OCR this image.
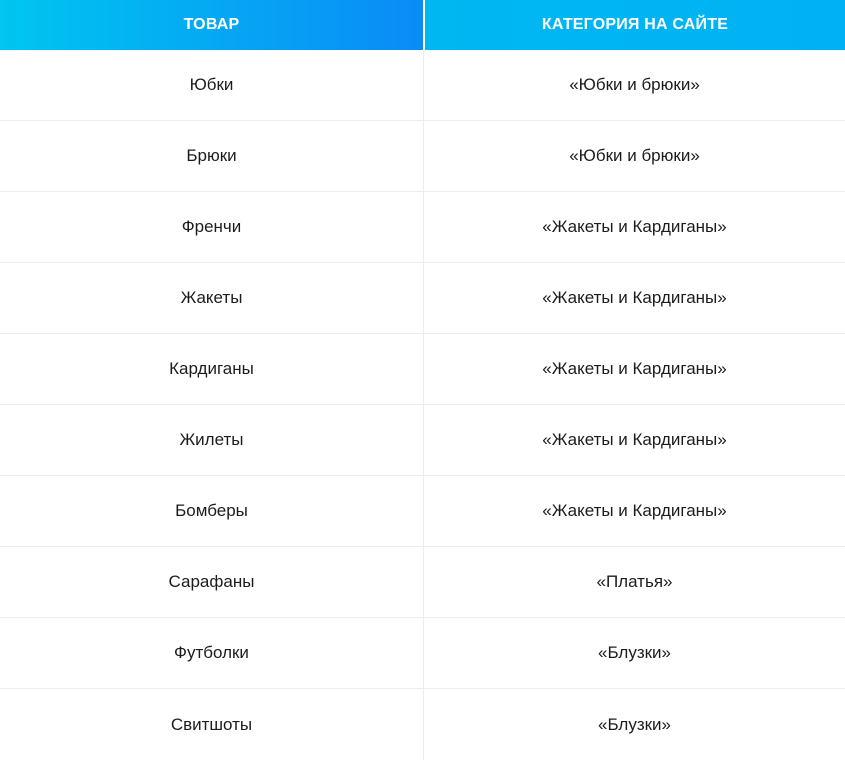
ТОВАР	КАТЕГОРИЯ НА САЙТЕ
Юбки	«Юбки и брюки»
Брюки	«Юбки и брюки»
Френчи	«Жакеты и Кардиганы»
Жакеты	«Жакеты и Кардиганы»
Кардиганы	«Жакеты и Кардиганы»
Жилеты	«Жакеты и Кардиганы»
Бомберы	«Жакеты и Кардиганы»
Сарафаны	«Платья»
Футболки	«Блузки»
Свитшоты	«Блузки»
